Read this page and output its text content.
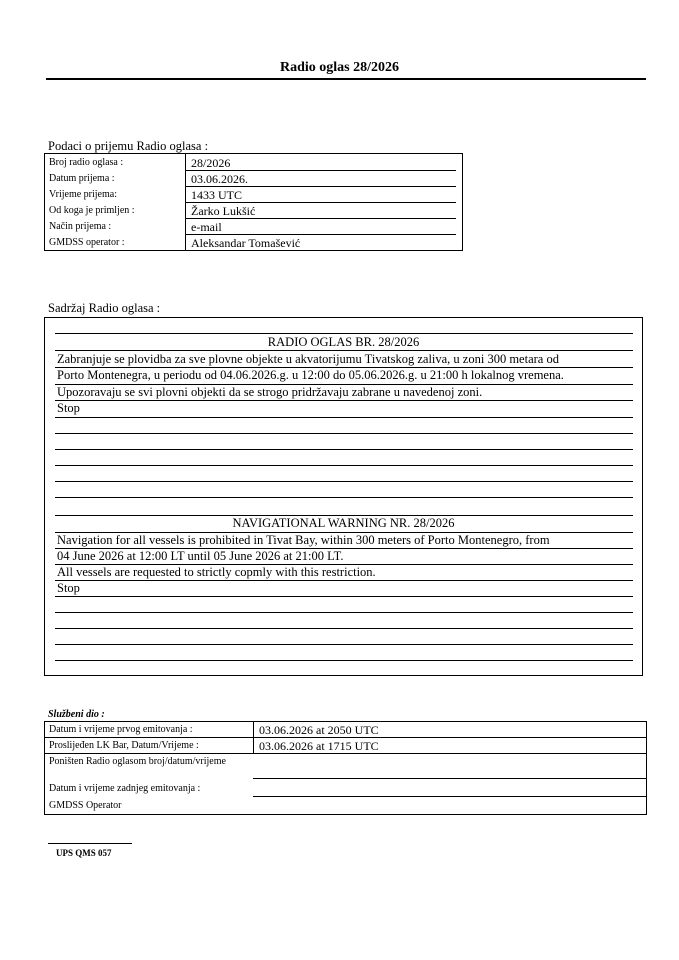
Radio oglas 28/2026
Podaci o prijemu Radio oglasa :
Broj radio oglasa :	28/2026
Datum prijema :	03.06.2026.
Vrijeme prijema:	1433 UTC
Od koga je primljen :	Žarko Lukšić
Način prijema :	e-mail
GMDSS operator :	Aleksandar Tomašević
Sadržaj Radio oglasa :
RADIO OGLAS BR. 28/2026
Zabranjuje se plovidba za sve plovne objekte u akvatorijumu Tivatskog zaliva, u zoni 300 metara od
Porto Montenegra, u periodu od 04.06.2026.g. u 12:00 do 05.06.2026.g. u 21:00 h lokalnog vremena.
Upozoravaju se svi plovni objekti da se strogo pridržavaju zabrane u navedenoj zoni.
Stop
NAVIGATIONAL WARNING NR. 28/2026
Navigation for all vessels is prohibited in Tivat Bay, within 300 meters of Porto Montenegro, from
04 June 2026 at 12:00 LT until 05 June 2026 at 21:00 LT.
All vessels are requested to strictly copmly with this restriction.
Stop
Službeni dio :
Datum i vrijeme prvog emitovanja :	03.06.2026 at 2050 UTC
Proslijeđen LK Bar, Datum/Vrijeme :	03.06.2026 at 1715 UTC
Poništen Radio oglasom broj/datum/vrijeme
Datum i vrijeme zadnjeg emitovanja :
GMDSS Operator
UPS QMS 057
